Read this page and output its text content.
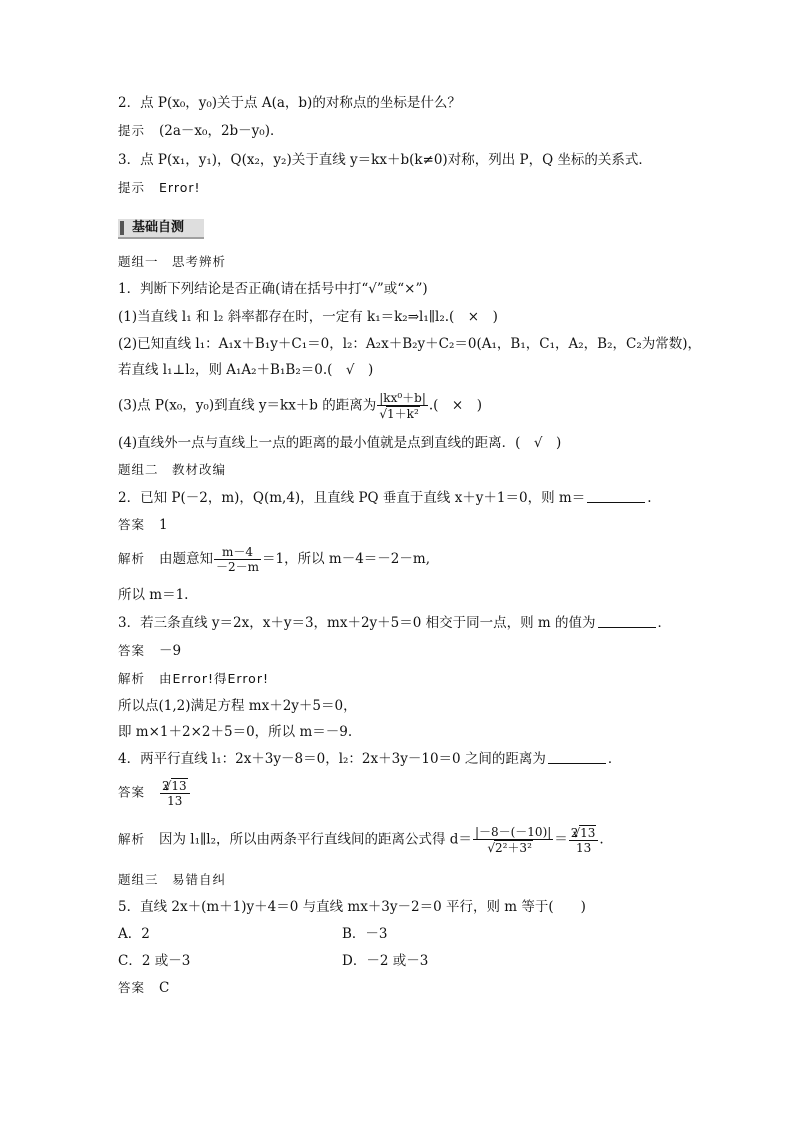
2．点 P(x₀，y₀)关于点 A(a，b)的对称点的坐标是什么？
提示 (2a－x₀，2b－y₀)．
3．点 P(x₁，y₁)，Q(x₂，y₂)关于直线 y＝kx＋b(k≠0)对称，列出 P，Q 坐标的关系式．
提示 Error!
基础自测
题组一　思考辨析
1．判断下列结论是否正确(请在括号中打“√”或“×”)
(1)当直线 l₁ 和 l₂ 斜率都存在时，一定有 k₁＝k₂⇒l₁∥l₂.(　×　)
(2)已知直线 l₁：A₁x＋B₁y＋C₁＝0，l₂：A₂x＋B₂y＋C₂＝0(A₁，B₁，C₁，A₂，B₂，C₂为常数)，
若直线 l₁⊥l₂，则 A₁A₂＋B₁B₂＝0.(　√　)
(3)点 P(x₀，y₀)到直线 y＝kx＋b 的距离为 |kx⁰＋b|
√ 1＋k² .(　×　)
(4)直线外一点与直线上一点的距离的最小值就是点到直线的距离．(　√　)
题组二　教材改编
2．已知 P(－2，m)，Q(m,4)，且直线 PQ 垂直于直线 x＋y＋1＝0，则 m＝	.
答案 1
解析 由题意知 $\frac{m-4}{-2-m} =1$，所以 m－4＝－2－m,
所以 m＝1.
3．若三条直线 y＝2x，x＋y＝3，mx＋2y＋5＝0 相交于同一点，则 m 的值为	．
答案 －9
解析 由Error!得Error!
所以点(1,2)满足方程 mx＋2y＋5＝0，
即 m×1＋2×2＋5＝0，所以 m＝－9.
4．两平行直线 l₁：2x＋3y－8＝0，l₂：2x＋3y－10＝0 之间的距离为	．
答案 $\frac{2 √ 13}{13}$
解析 因为 l₁∥l₂，所以由两条平行直线间的距离公式得 d＝ |－8－(－10)|
√ $2^2+3^2 = \frac{2 √ 13}{13}$ .
题组三　易错自纠
5．直线 2x＋(m＋1)y＋4＝0 与直线 mx＋3y－2＝0 平行，则 m 等于(　　)
A．2	B．－3
C．2 或－3	D．－2 或－3
答案 C
